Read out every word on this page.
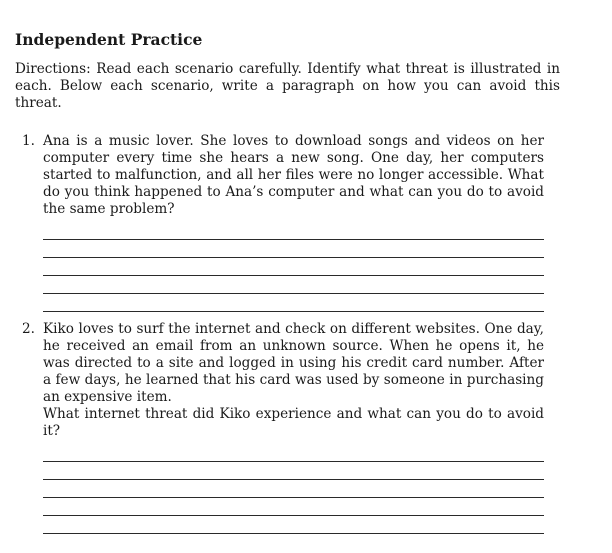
Independent Practice

Directions: Read each scenario carefully. Identify what threat is illustrated in each. Below each scenario, write a paragraph on how you can avoid this threat.

1. Ana is a music lover. She loves to download songs and videos on her computer every time she hears a new song. One day, her computers started to malfunction, and all her files were no longer accessible. What do you think happened to Ana’s computer and what can you do to avoid the same problem?

2. Kiko loves to surf the internet and check on different websites. One day, he received an email from an unknown source. When he opens it, he was directed to a site and logged in using his credit card number. After a few days, he learned that his card was used by someone in purchasing an expensive item.

What internet threat did Kiko experience and what can you do to avoid it?
